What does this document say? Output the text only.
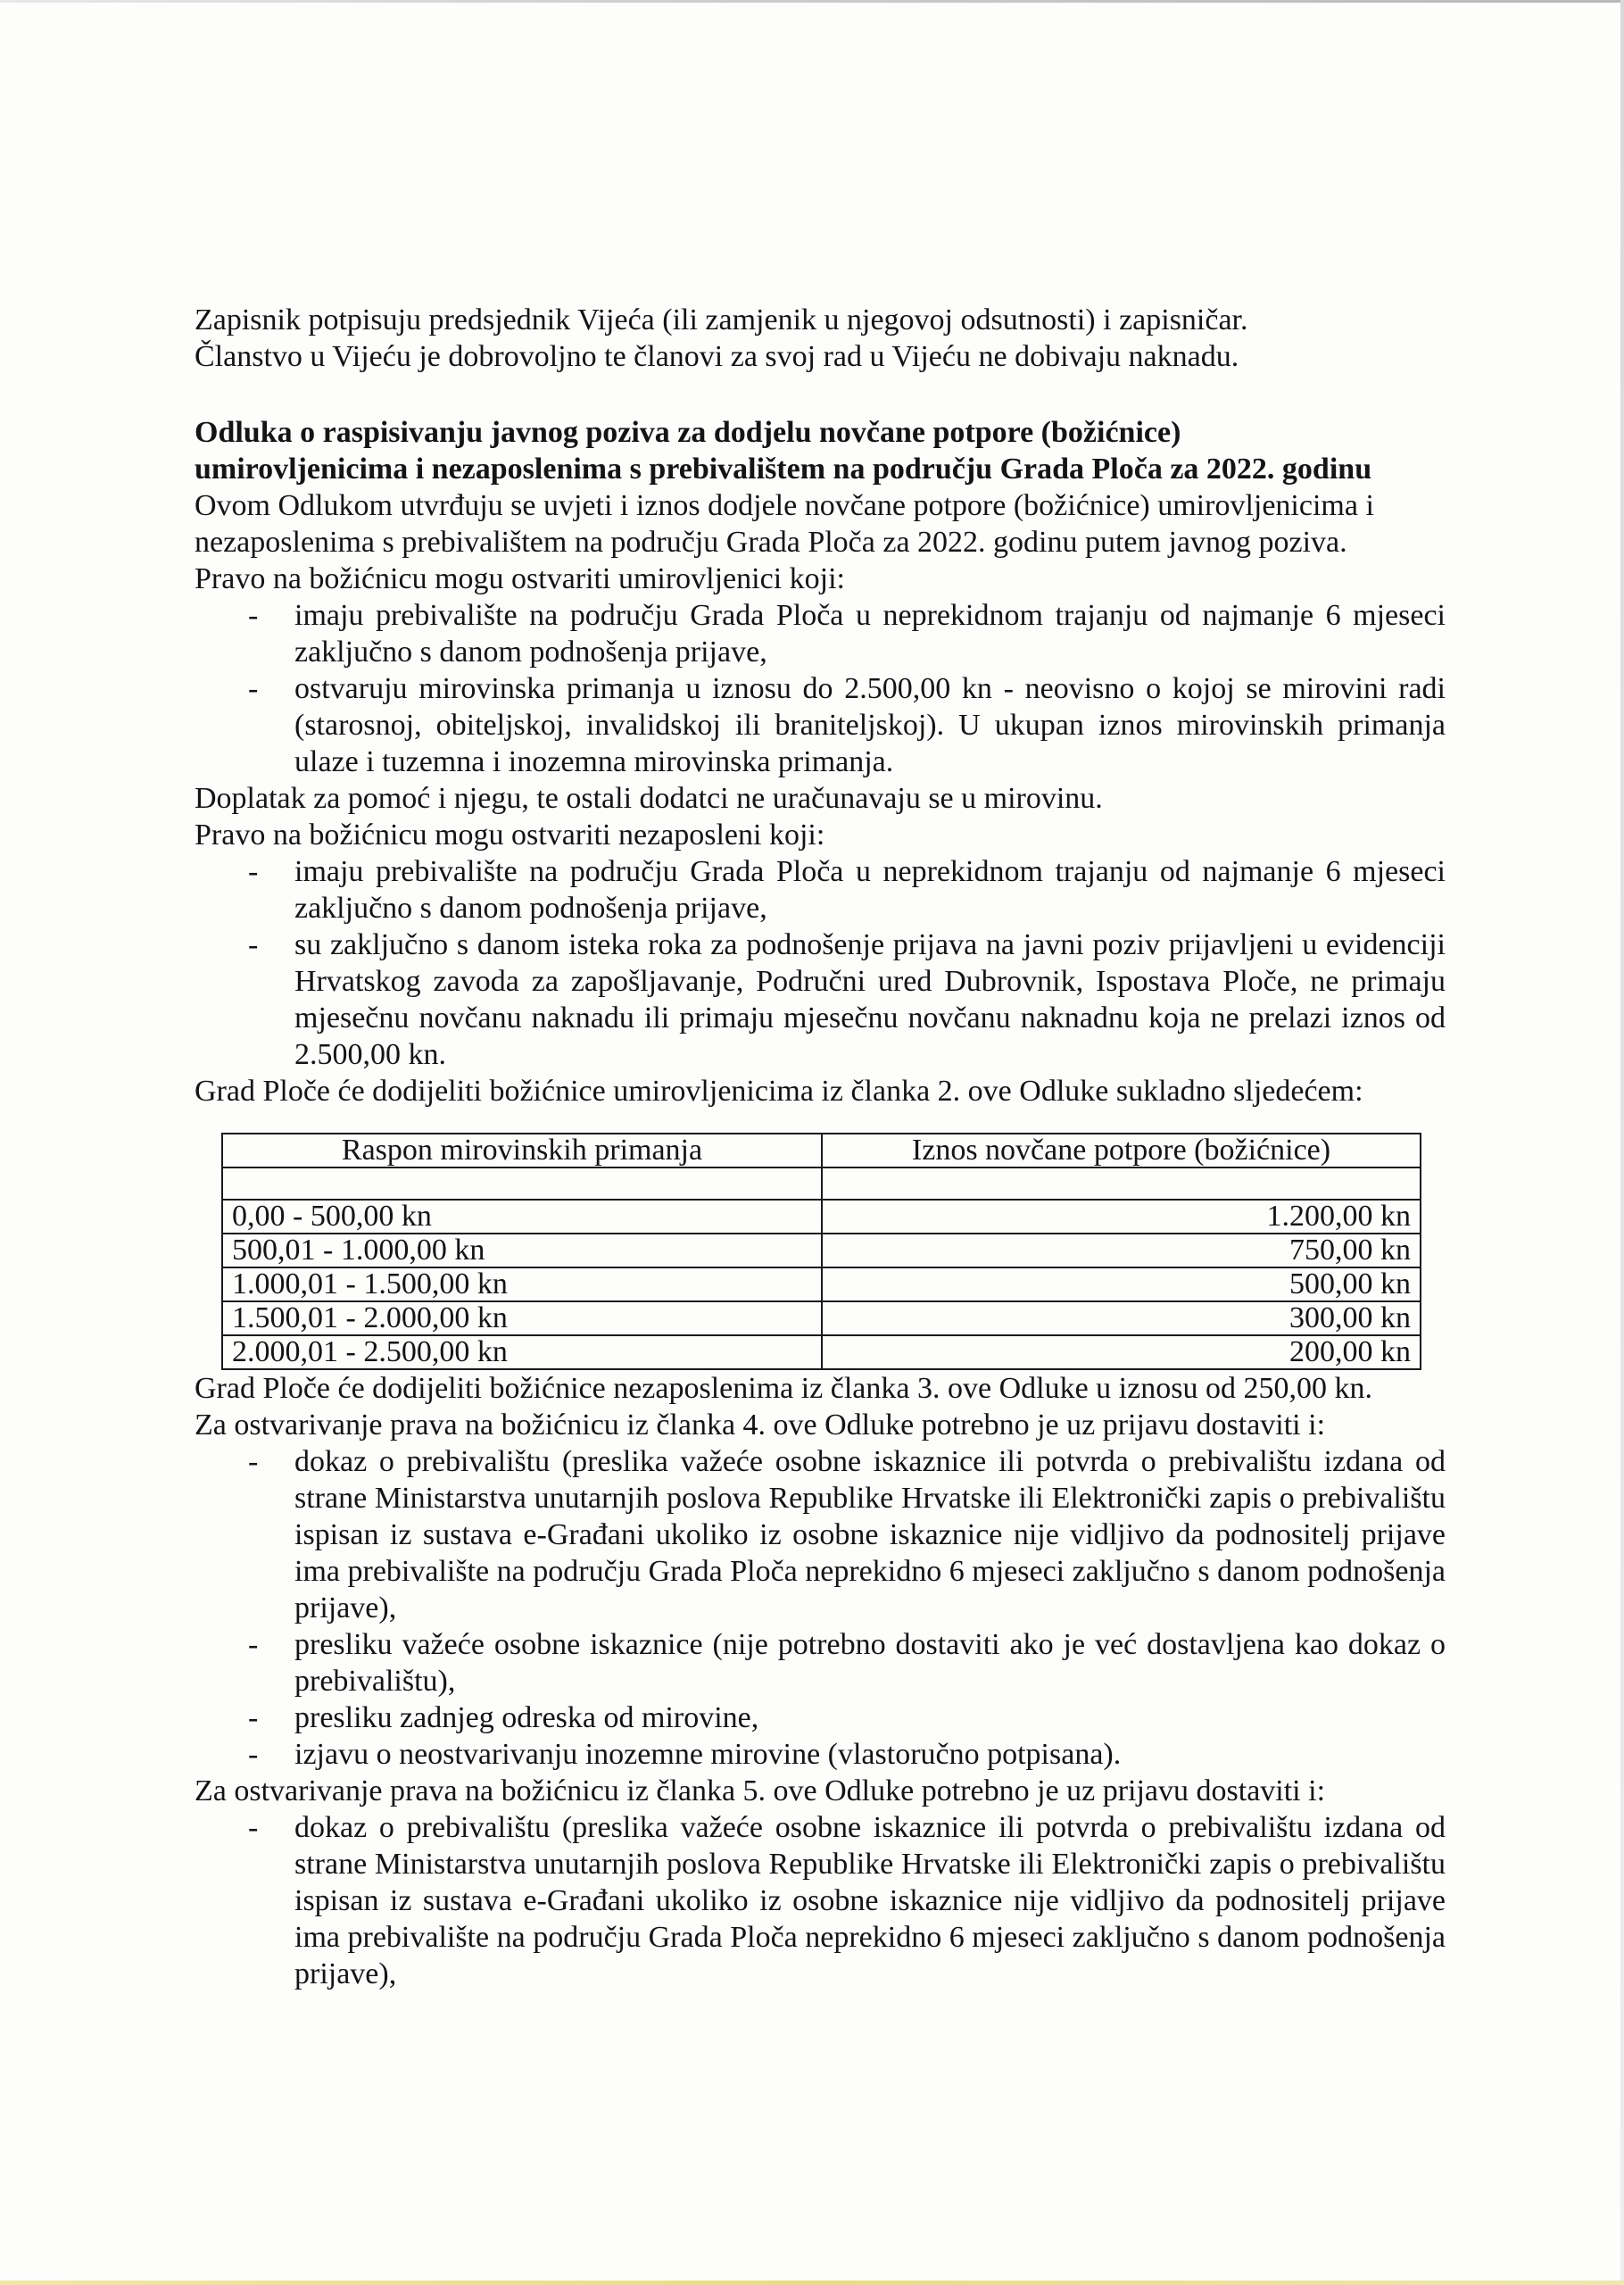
Zapisnik potpisuju predsjednik Vijeća (ili zamjenik u njegovoj odsutnosti) i zapisničar.

Članstvo u Vijeću je dobrovoljno te članovi za svoj rad u Vijeću ne dobivaju naknadu.

Odluka o raspisivanju javnog poziva za dodjelu novčane potpore (božićnice)

umirovljenicima i nezaposlenima s prebivalištem na području Grada Ploča za 2022. godinu

Ovom Odlukom utvrđuju se uvjeti i iznos dodjele novčane potpore (božićnice) umirovljenicima i nezaposlenima s prebivalištem na području Grada Ploča za 2022. godinu putem javnog poziva.

Pravo na božićnicu mogu ostvariti umirovljenici koji:

- imaju prebivalište na području Grada Ploča u neprekidnom trajanju od najmanje 6 mjeseci zaključno s danom podnošenja prijave,
- ostvaruju mirovinska primanja u iznosu do 2.500,00 kn - neovisno o kojoj se mirovini radi (starosnoj, obiteljskoj, invalidskoj ili braniteljskoj). U ukupan iznos mirovinskih primanja ulaze i tuzemna i inozemna mirovinska primanja.

Doplatak za pomoć i njegu, te ostali dodatci ne uračunavaju se u mirovinu.

Pravo na božićnicu mogu ostvariti nezaposleni koji:

- imaju prebivalište na području Grada Ploča u neprekidnom trajanju od najmanje 6 mjeseci zaključno s danom podnošenja prijave,
- su zaključno s danom isteka roka za podnošenje prijava na javni poziv prijavljeni u evidenciji Hrvatskog zavoda za zapošljavanje, Područni ured Dubrovnik, Ispostava Ploče, ne primaju mjesečnu novčanu naknadu ili primaju mjesečnu novčanu naknadnu koja ne prelazi iznos od 2.500,00 kn.

Grad Ploče će dodijeliti božićnice umirovljenicima iz članka 2. ove Odluke sukladno sljedećem:

Raspon mirovinskih primanja	Iznos novčane potpore (božićnice)

0,00 - 500,00 kn	1.200,00 kn
500,01 - 1.000,00 kn	750,00 kn
1.000,01 - 1.500,00 kn	500,00 kn
1.500,01 - 2.000,00 kn	300,00 kn
2.000,01 - 2.500,00 kn	200,00 kn

Grad Ploče će dodijeliti božićnice nezaposlenima iz članka 3. ove Odluke u iznosu od 250,00 kn.

Za ostvarivanje prava na božićnicu iz članka 4. ove Odluke potrebno je uz prijavu dostaviti i:

- dokaz o prebivalištu (preslika važeće osobne iskaznice ili potvrda o prebivalištu izdana od strane Ministarstva unutarnjih poslova Republike Hrvatske ili Elektronički zapis o prebivalištu ispisan iz sustava e-Građani ukoliko iz osobne iskaznice nije vidljivo da podnositelj prijave ima prebivalište na području Grada Ploča neprekidno 6 mjeseci zaključno s danom podnošenja prijave),
- presliku važeće osobne iskaznice (nije potrebno dostaviti ako je već dostavljena kao dokaz o prebivalištu),
- presliku zadnjeg odreska od mirovine,
- izjavu o neostvarivanju inozemne mirovine (vlastoručno potpisana).

Za ostvarivanje prava na božićnicu iz članka 5. ove Odluke potrebno je uz prijavu dostaviti i:

- dokaz o prebivalištu (preslika važeće osobne iskaznice ili potvrda o prebivalištu izdana od strane Ministarstva unutarnjih poslova Republike Hrvatske ili Elektronički zapis o prebivalištu ispisan iz sustava e-Građani ukoliko iz osobne iskaznice nije vidljivo da podnositelj prijave ima prebivalište na području Grada Ploča neprekidno 6 mjeseci zaključno s danom podnošenja prijave),
